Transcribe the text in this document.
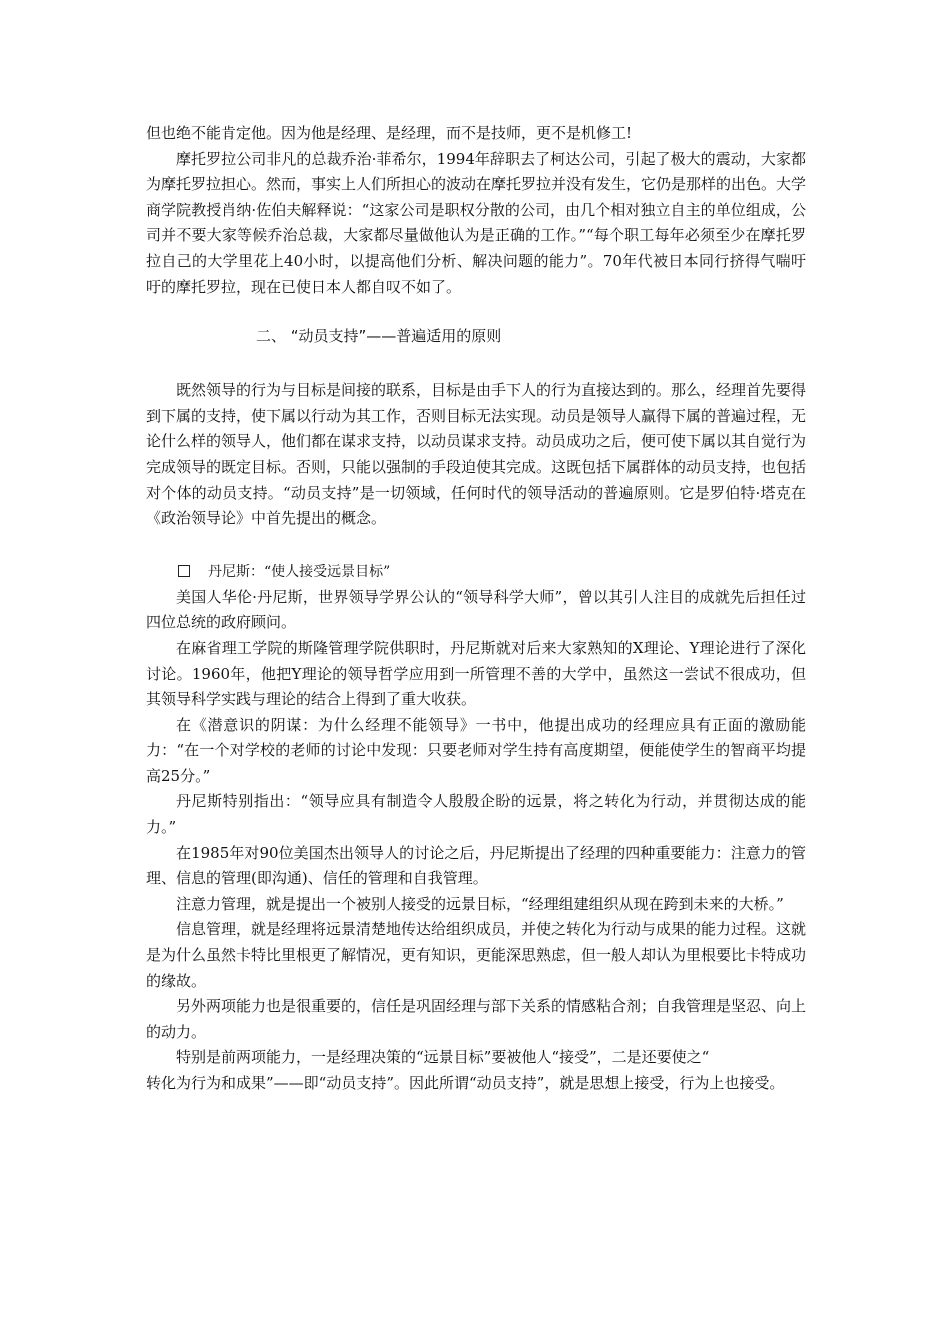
但也绝不能肯定他。因为他是经理、是经理，而不是技师，更不是机修工!

摩托罗拉公司非凡的总裁乔治·菲希尔，1994年辞职去了柯达公司，引起了极大的震动，大家都为摩托罗拉担心。然而，事实上人们所担心的波动在摩托罗拉并没有发生，它仍是那样的出色。大学商学院教授肖纳·佐伯夫解释说：“这家公司是职权分散的公司，由几个相对独立自主的单位组成，公司并不要大家等候乔治总裁，大家都尽量做他认为是正确的工作。”“每个职工每年必须至少在摩托罗拉自己的大学里花上40小时，以提高他们分析、解决问题的能力”。70年代被日本同行挤得气喘吁吁的摩托罗拉，现在已使日本人都自叹不如了。

二、 “动员支持”——普遍适用的原则

既然领导的行为与目标是间接的联系，目标是由手下人的行为直接达到的。那么，经理首先要得到下属的支持，使下属以行动为其工作，否则目标无法实现。动员是领导人赢得下属的普遍过程，无论什么样的领导人，他们都在谋求支持，以动员谋求支持。动员成功之后，便可使下属以其自觉行为完成领导的既定目标。否则，只能以强制的手段迫使其完成。这既包括下属群体的动员支持，也包括对个体的动员支持。“动员支持”是一切领域，任何时代的领导活动的普遍原则。它是罗伯特·塔克在《政治领导论》中首先提出的概念。

丹尼斯：“使人接受远景目标”

美国人华伦·丹尼斯，世界领导学界公认的“领导科学大师”，曾以其引人注目的成就先后担任过四位总统的政府顾问。

在麻省理工学院的斯隆管理学院供职时，丹尼斯就对后来大家熟知的X理论、Y理论进行了深化讨论。1960年，他把Y理论的领导哲学应用到一所管理不善的大学中，虽然这一尝试不很成功，但其领导科学实践与理论的结合上得到了重大收获。

在《潜意识的阴谋：为什么经理不能领导》一书中，他提出成功的经理应具有正面的激励能力：“在一个对学校的老师的讨论中发现：只要老师对学生持有高度期望，便能使学生的智商平均提高25分。”

丹尼斯特别指出：“领导应具有制造令人殷殷企盼的远景，将之转化为行动，并贯彻达成的能力。”

在1985年对90位美国杰出领导人的讨论之后，丹尼斯提出了经理的四种重要能力：注意力的管理、信息的管理(即沟通)、信任的管理和自我管理。

注意力管理，就是提出一个被别人接受的远景目标，“经理组建组织从现在跨到未来的大桥。”

信息管理，就是经理将远景清楚地传达给组织成员，并使之转化为行动与成果的能力过程。这就是为什么虽然卡特比里根更了解情况，更有知识，更能深思熟虑，但一般人却认为里根要比卡特成功的缘故。

另外两项能力也是很重要的，信任是巩固经理与部下关系的情感粘合剂；自我管理是坚忍、向上的动力。

特别是前两项能力，一是经理决策的“远景目标”要被他人“接受”，二是还要使之“

转化为行为和成果”——即“动员支持”。因此所谓“动员支持”，就是思想上接受，行为上也接受。
